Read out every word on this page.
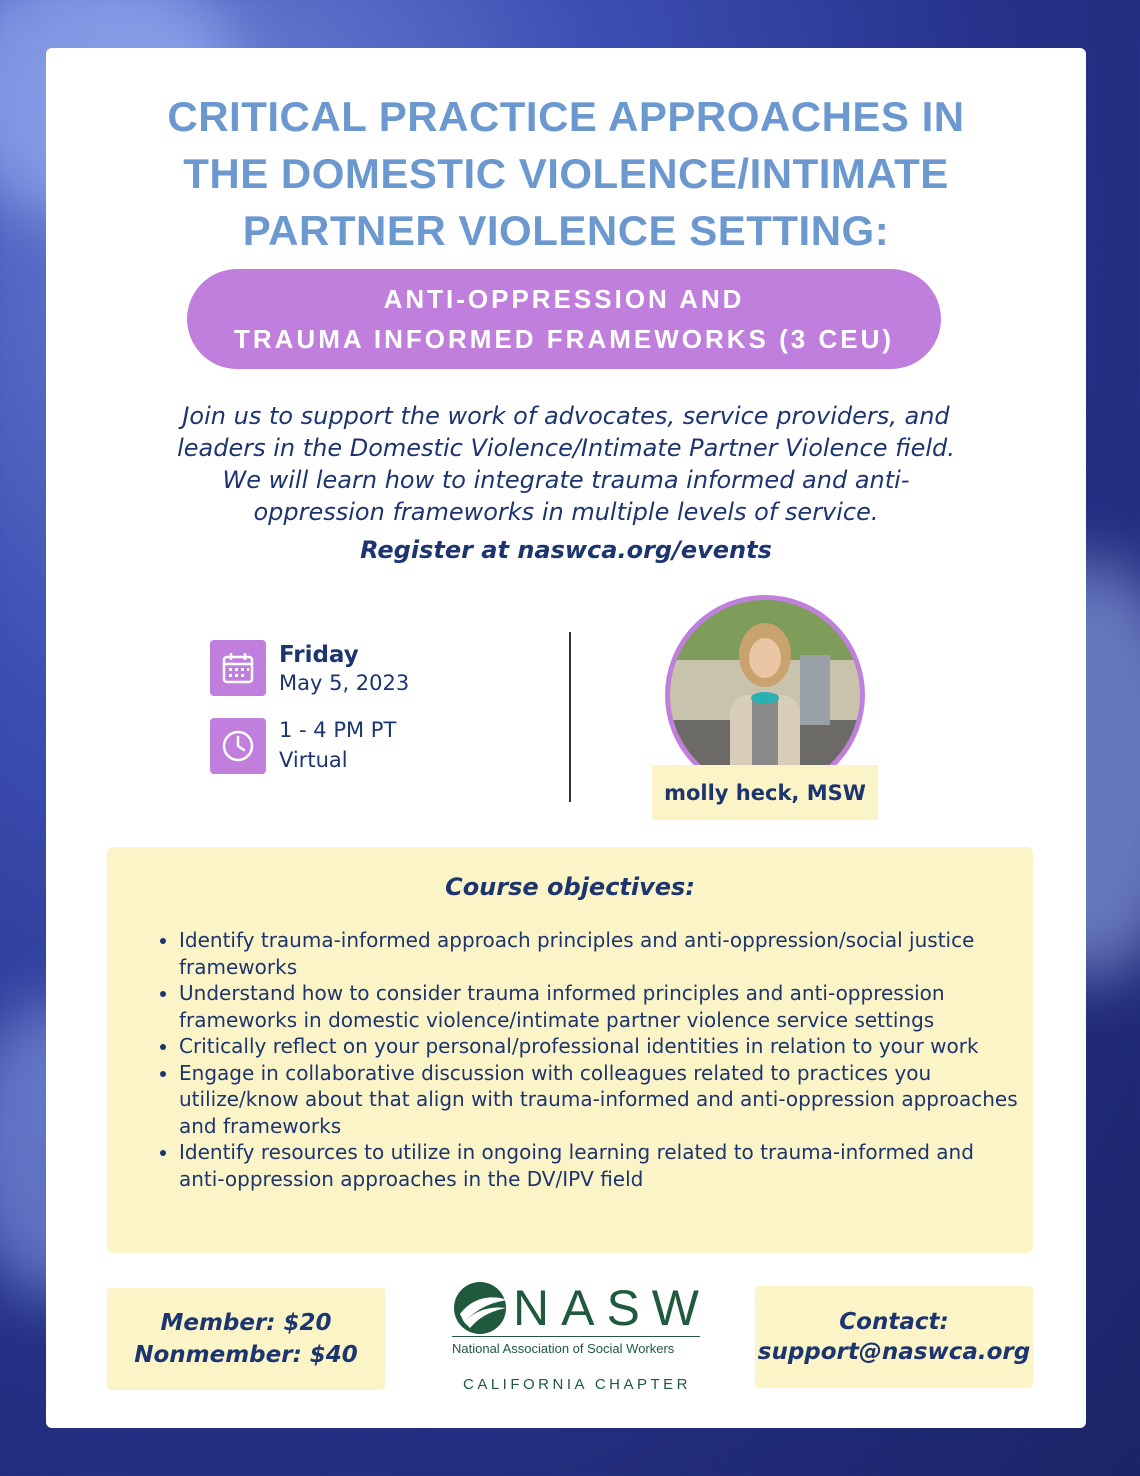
CRITICAL PRACTICE APPROACHES IN
THE DOMESTIC VIOLENCE/INTIMATE
PARTNER VIOLENCE SETTING:
ANTI-OPPRESSION AND
TRAUMA INFORMED FRAMEWORKS (3 CEU)
Join us to support the work of advocates, service providers, and
leaders in the Domestic Violence/Intimate Partner Violence field.
We will learn how to integrate trauma informed and anti-
oppression frameworks in multiple levels of service.
Register at naswca.org/events
Friday
May 5, 2023
1 - 4 PM PT
Virtual
molly heck, MSW
Course objectives:
• Identify trauma-informed approach principles and anti-oppression/social justice frameworks
• Understand how to consider trauma informed principles and anti-oppression frameworks in domestic violence/intimate partner violence service settings
• Critically reflect on your personal/professional identities in relation to your work
• Engage in collaborative discussion with colleagues related to practices you utilize/know about that align with trauma-informed and anti-oppression approaches and frameworks
• Identify resources to utilize in ongoing learning related to trauma-informed and anti-oppression approaches in the DV/IPV field
Member: $20
Nonmember: $40
NASW
National Association of Social Workers
CALIFORNIA CHAPTER
Contact:
support@naswca.org
